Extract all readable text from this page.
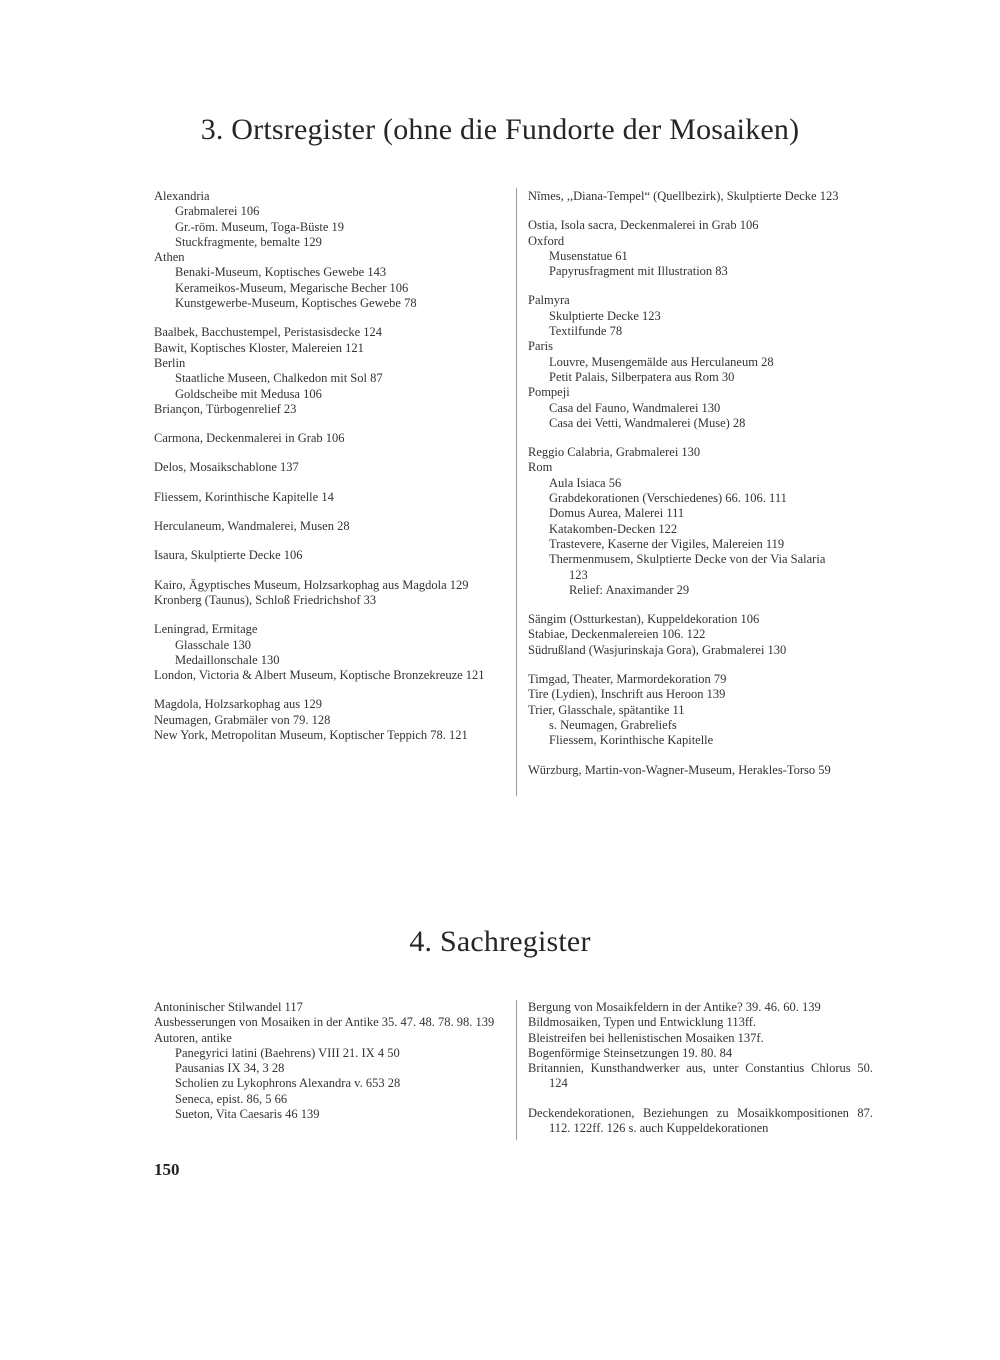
3. Ortsregister (ohne die Fundorte der Mosaiken)
Alexandria
Grabmalerei 106
Gr.-röm. Museum, Toga-Büste 19
Stuckfragmente, bemalte 129
Athen
Benaki-Museum, Koptisches Gewebe 143
Kerameikos-Museum, Megarische Becher 106
Kunstgewerbe-Museum, Koptisches Gewebe 78
Baalbek, Bacchustempel, Peristasisdecke 124
Bawit, Koptisches Kloster, Malereien 121
Berlin
Staatliche Museen, Chalkedon mit Sol 87
Goldscheibe mit Medusa 106
Briançon, Türbogenrelief 23
Carmona, Deckenmalerei in Grab 106
Delos, Mosaikschablone 137
Fliessem, Korinthische Kapitelle 14
Herculaneum, Wandmalerei, Musen 28
Isaura, Skulptierte Decke 106
Kairo, Ägyptisches Museum, Holzsarkophag aus Magdola 129
Kronberg (Taunus), Schloß Friedrichshof 33
Leningrad, Ermitage
Glasschale 130
Medaillonschale 130
London, Victoria & Albert Museum, Koptische Bronzekreuze 121
Magdola, Holzsarkophag aus 129
Neumagen, Grabmäler von 79. 128
New York, Metropolitan Museum, Koptischer Teppich 78. 121
Nîmes, ,,Diana-Tempel“ (Quellbezirk), Skulptierte Decke 123
Ostia, Isola sacra, Deckenmalerei in Grab 106
Oxford
Musenstatue 61
Papyrusfragment mit Illustration 83
Palmyra
Skulptierte Decke 123
Textilfunde 78
Paris
Louvre, Musengemälde aus Herculaneum 28
Petit Palais, Silberpatera aus Rom 30
Pompeji
Casa del Fauno, Wandmalerei 130
Casa dei Vetti, Wandmalerei (Muse) 28
Reggio Calabria, Grabmalerei 130
Rom
Aula Isiaca 56
Grabdekorationen (Verschiedenes) 66. 106. 111
Domus Aurea, Malerei 111
Katakomben-Decken 122
Trastevere, Kaserne der Vigiles, Malereien 119
Thermenmusem, Skulptierte Decke von der Via Salaria
123
Relief: Anaximander 29
Sängim (Ostturkestan), Kuppeldekoration 106
Stabiae, Deckenmalereien 106. 122
Südrußland (Wasjurinskaja Gora), Grabmalerei 130
Timgad, Theater, Marmordekoration 79
Tire (Lydien), Inschrift aus Heroon 139
Trier, Glasschale, spätantike 11
s. Neumagen, Grabreliefs
Fliessem, Korinthische Kapitelle
Würzburg, Martin-von-Wagner-Museum, Herakles-Torso 59
4. Sachregister
Antoninischer Stilwandel 117
Ausbesserungen von Mosaiken in der Antike 35. 47. 48. 78. 98. 139
Autoren, antike
Panegyrici latini (Baehrens) VIII 21. IX 4 50
Pausanias IX 34, 3 28
Scholien zu Lykophrons Alexandra v. 653 28
Seneca, epist. 86, 5 66
Sueton, Vita Caesaris 46 139
Bergung von Mosaikfeldern in der Antike? 39. 46. 60. 139
Bildmosaiken, Typen und Entwicklung 113ff.
Bleistreifen bei hellenistischen Mosaiken 137f.
Bogenförmige Steinsetzungen 19. 80. 84
Britannien, Kunsthandwerker aus, unter Constantius Chlorus 50. 124
Deckendekorationen, Beziehungen zu Mosaikkompositionen 87. 112. 122ff. 126 s. auch Kuppeldekorationen
150
